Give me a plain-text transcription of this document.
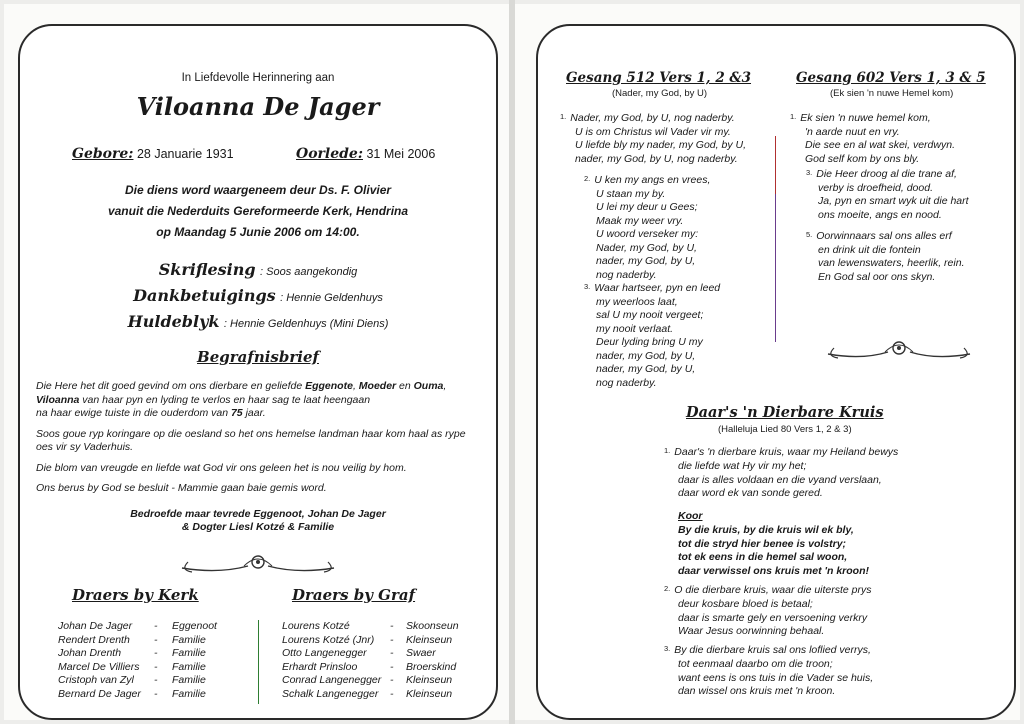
In Liefdevolle Herinnering aan
Viloanna De Jager
Gebore: 28 Januarie 1931	Oorlede: 31 Mei 2006
Die diens word waargeneem deur Ds. F. Olivier
vanuit die Nederduits Gereformeerde Kerk, Hendrina
op Maandag 5 Junie 2006 om 14:00.
Skriflesing : Soos aangekondig
Dankbetuigings : Hennie Geldenhuys
Huldeblyk : Hennie Geldenhuys (Mini Diens)
Begrafnisbrief
Die Here het dit goed gevind om ons dierbare en geliefde Eggenote, Moeder en Ouma,
Viloanna van haar pyn en lyding te verlos en haar sag te laat heengaan
na haar ewige tuiste in die ouderdom van 75 jaar.
Soos goue ryp koringare op die oesland so het ons hemelse landman haar kom haal as rype
oes vir sy Vaderhuis.
Die blom van vreugde en liefde wat God vir ons geleen het is nou veilig by hom.
Ons berus by God se besluit - Mammie gaan baie gemis word.
Bedroefde maar tevrede Eggenoot, Johan De Jager
& Dogter Liesl Kotzé & Familie
Draers by Kerk	Draers by Graf
Johan De Jager	-	Eggenoot
Rendert Drenth	-	Familie
Johan Drenth	-	Familie
Marcel De Villiers	-	Familie
Cristoph van Zyl	-	Familie
Bernard De Jager	-	Familie
Lourens Kotzé	-	Skoonseun
Lourens Kotzé (Jnr)	-	Kleinseun
Otto Langenegger	-	Swaer
Erhardt Prinsloo	-	Broerskind
Conrad Langenegger	-	Kleinseun
Schalk Langenegger	-	Kleinseun
Gesang 512 Vers 1, 2 &3
(Nader, my God, by U)
Gesang 602 Vers 1, 3 & 5
(Ek sien 'n nuwe Hemel kom)
1. Nader, my God, by U, nog naderby.
U is om Christus wil Vader vir my.
U liefde bly my nader, my God, by U,
nader, my God, by U, nog naderby.
2. U ken my angs en vrees,
U staan my by.
U lei my deur u Gees;
Maak my weer vry.
U woord verseker my:
Nader, my God, by U,
nader, my God, by U,
nog naderby.
3. Waar hartseer, pyn en leed
my weerloos laat,
sal U my nooit vergeet;
my nooit verlaat.
Deur lyding bring U my
nader, my God, by U,
nader, my God, by U,
nog naderby.
1. Ek sien 'n nuwe hemel kom,
'n aarde nuut en vry.
Die see en al wat skei, verdwyn.
God self kom by ons bly.
3. Die Heer droog al die trane af,
verby is droefheid, dood.
Ja, pyn en smart wyk uit die hart
ons moeite, angs en nood.
5. Oorwinnaars sal ons alles erf
en drink uit die fontein
van lewenswaters, heerlik, rein.
En God sal oor ons skyn.
Daar's 'n Dierbare Kruis
(Halleluja Lied 80 Vers 1, 2 & 3)
1. Daar's 'n dierbare kruis, waar my Heiland bewys
die liefde wat Hy vir my het;
daar is alles voldaan en die vyand verslaan,
daar word ek van sonde gered.
Koor
By die kruis, by die kruis wil ek bly,
tot die stryd hier benee is volstry;
tot ek eens in die hemel sal woon,
daar verwissel ons kruis met 'n kroon!
2. O die dierbare kruis, waar die uiterste prys
deur kosbare bloed is betaal;
daar is smarte gely en versoening verkry
Waar Jesus oorwinning behaal.
3. By die dierbare kruis sal ons loflied verrys,
tot eenmaal daarbo om die troon;
want eens is ons tuis in die Vader se huis,
dan wissel ons kruis met 'n kroon.
